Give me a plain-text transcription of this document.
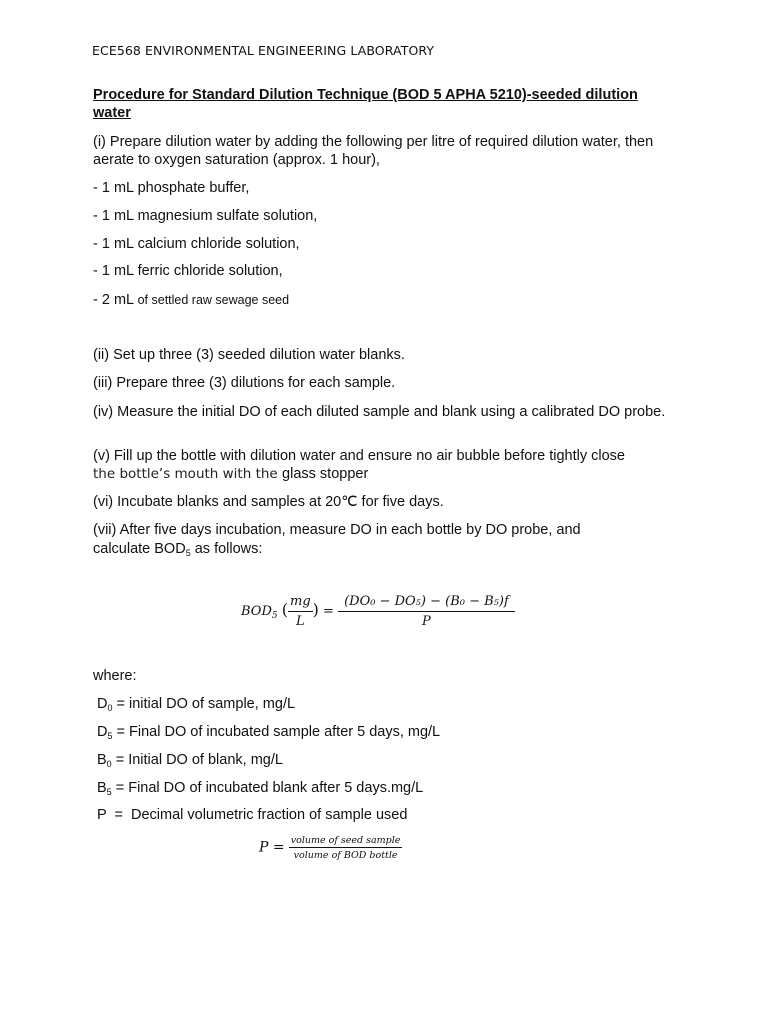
ECE568 ENVIRONMENTAL ENGINEERING LABORATORY
Procedure for Standard Dilution Technique (BOD 5 APHA 5210)-seeded dilution water
(i) Prepare dilution water by adding the following per litre of required dilution water, then aerate to oxygen saturation (approx. 1 hour),
- 1 mL phosphate buffer,
- 1 mL magnesium sulfate solution,
- 1 mL calcium chloride solution,
- 1 mL ferric chloride solution,
- 2 mL of settled raw sewage seed
(ii) Set up three (3) seeded dilution water blanks.
(iii) Prepare three (3) dilutions for each sample.
(iv) Measure the initial DO of each diluted sample and blank using a calibrated DO probe.
(v) Fill up the bottle with dilution water and ensure no air bubble before tightly close
the bottle’s mouth with the glass stopper
(vi) Incubate blanks and samples at 20℃ for five days.
(vii) After five days incubation, measure DO in each bottle by DO probe, and
calculate $BOD_5$ as follows:
$BOD_5$ ( $\frac{mg}{L}$ ) = $\frac{\text{(DO₀ − DO₅) − (B₀ − B₅)f}}{P}$
where:
$D_0$ = initial DO of sample, mg/L
$D_5$ = Final DO of incubated sample after 5 days, mg/L
$B_0$ = Initial DO of blank, mg/L
$B_5$ = Final DO of incubated blank after 5 days.mg/L
P  =  Decimal volumetric fraction of sample used
$P = \frac{\text{volume of seed sample}}{\text{volume of BOD bottle}}$
